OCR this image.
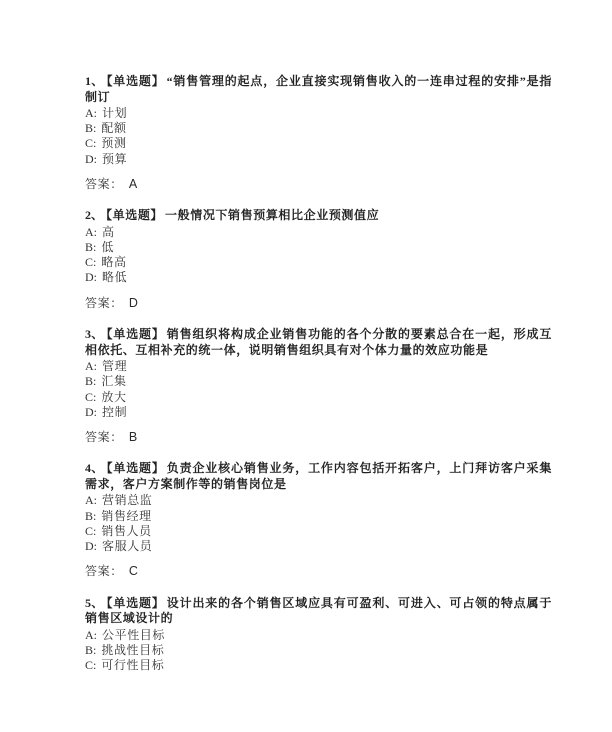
1、 【单选题】 “销售管理的起点，企业直接实现销售收入的一连串过程的安排”是指制订

A: 计划
B: 配额
C: 预测
D: 预算

答案： A

2、 【单选题】 一般情况下销售预算相比企业预测值应

A: 高
B: 低
C: 略高
D: 略低

答案： D

3、 【单选题】 销售组织将构成企业销售功能的各个分散的要素总合在一起，形成互相依托、互相补充的统一体，说明销售组织具有对个体力量的效应功能是

A: 管理
B: 汇集
C: 放大
D: 控制

答案： B

4、 【单选题】 负责企业核心销售业务，工作内容包括开拓客户，上门拜访客户采集需求，客户方案制作等的销售岗位是

A: 营销总监
B: 销售经理
C: 销售人员
D: 客服人员

答案： C

5、 【单选题】 设计出来的各个销售区域应具有可盈利、可进入、可占领的特点属于销售区域设计的

A: 公平性目标
B: 挑战性目标
C: 可行性目标
